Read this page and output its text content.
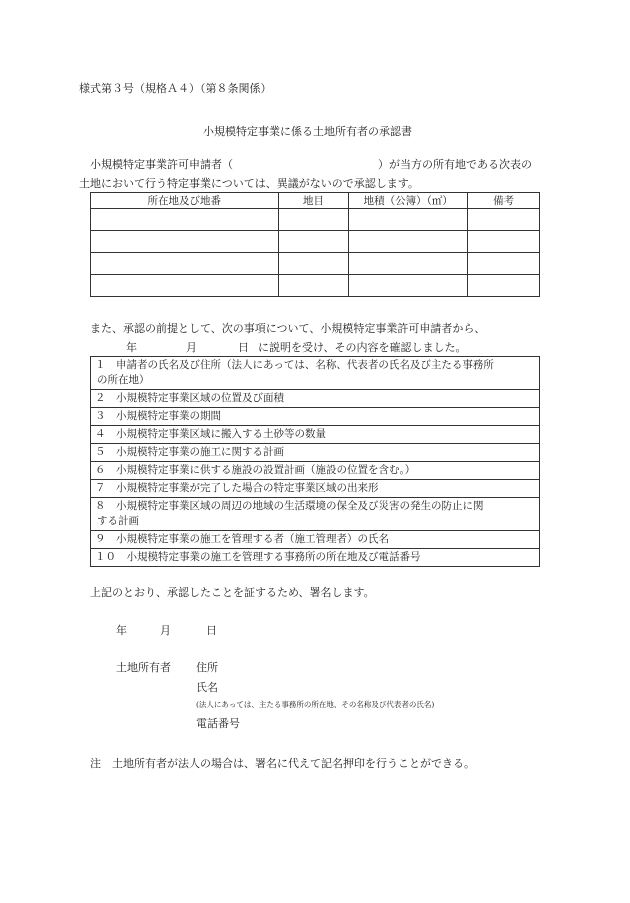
様式第３号（規格Ａ４）（第８条関係）
小規模特定事業に係る土地所有者の承認書
小規模特定事業許可申請者（	）が当方の所有地である次表の
土地において行う特定事業については、異議がないので承認します。
所在地及び地番	地目	地積（公簿）（㎡）	備考

また、承認の前提として、次の事項について、小規模特定事業許可申請者から、
年	月	日 に説明を受け、その内容を確認しました。
１　申請者の氏名及び住所（法人にあっては、名称、代表者の氏名及び主たる事務所
の所在地）

２　小規模特定事業区域の位置及び面積
３　小規模特定事業の期間
４　小規模特定事業区域に搬入する土砂等の数量
５　小規模特定事業の施工に関する計画
６　小規模特定事業に供する施設の設置計画（施設の位置を含む。）
７　小規模特定事業が完了した場合の特定事業区域の出来形

８　小規模特定事業区域の周辺の地域の生活環境の保全及び災害の発生の防止に関
する計画

９　小規模特定事業の施工を管理する者（施工管理者）の氏名
１０　小規模特定事業の施工を管理する事務所の所在地及び電話番号
上記のとおり、承認したことを証するため、署名します。
年	月	日
土地所有者 住所
氏名
(法人にあっては、主たる事務所の所在地、その名称及び代表者の氏名)
電話番号
注　土地所有者が法人の場合は、署名に代えて記名押印を行うことができる。
